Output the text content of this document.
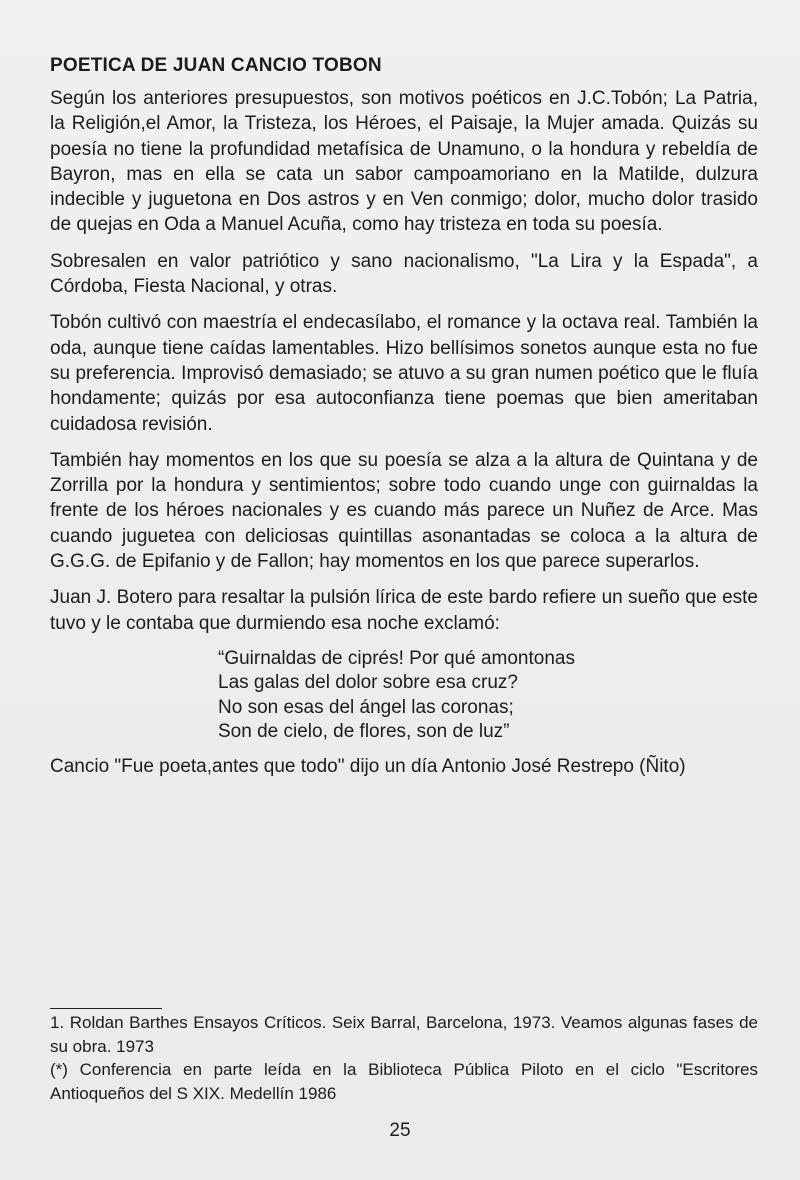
POETICA DE JUAN CANCIO TOBON

Según los anteriores presupuestos, son motivos poéticos en J.C.Tobón; La Patria, la Religión,el Amor, la Tristeza, los Héroes, el Paisaje, la Mujer amada. Quizás su poesía no tiene la profundidad metafísica de Unamuno, o la hondura y rebeldía de Bayron, mas en ella se cata un sabor campoamoriano en la Matilde, dulzura indecible y juguetona en Dos astros y en Ven conmigo; dolor, mucho dolor trasido de quejas en Oda a Manuel Acuña, como hay tristeza en toda su poesía.

Sobresalen en valor patriótico y sano nacionalismo, "La Lira y la Espada", a Córdoba, Fiesta Nacional, y otras.

Tobón cultivó con maestría el endecasílabo, el romance y la octava real. También la oda, aunque tiene caídas lamentables. Hizo bellísimos sonetos aunque esta no fue su preferencia. Improvisó demasiado; se atuvo a su gran numen poético que le fluía hondamente; quizás por esa autoconfianza tiene poemas que bien ameritaban cuidadosa revisión.

También hay momentos en los que su poesía se alza a la altura de Quintana y de Zorrilla por la hondura y sentimientos; sobre todo cuando unge con guirnaldas la frente de los héroes nacionales y es cuando más parece un Nuñez de Arce. Mas cuando juguetea con deliciosas quintillas asonantadas se coloca a la altura de G.G.G. de Epifanio y de Fallon; hay momentos en los que parece superarlos.

Juan J. Botero para resaltar la pulsión lírica de este bardo refiere un sueño que este tuvo y le contaba que durmiendo esa noche exclamó:

“Guirnaldas de ciprés! Por qué amontonas
Las galas del dolor sobre esa cruz?
No son esas del ángel las coronas;
Son de cielo, de flores, son de luz”

Cancio "Fue poeta,antes que todo" dijo un día Antonio José Restrepo (Ñito)

1. Roldan Barthes Ensayos Críticos. Seix Barral, Barcelona, 1973. Veamos algunas fases de su obra. 1973

(*) Conferencia en parte leída en la Biblioteca Pública Piloto en el ciclo "Escritores Antioqueños del S XIX. Medellín 1986

25
